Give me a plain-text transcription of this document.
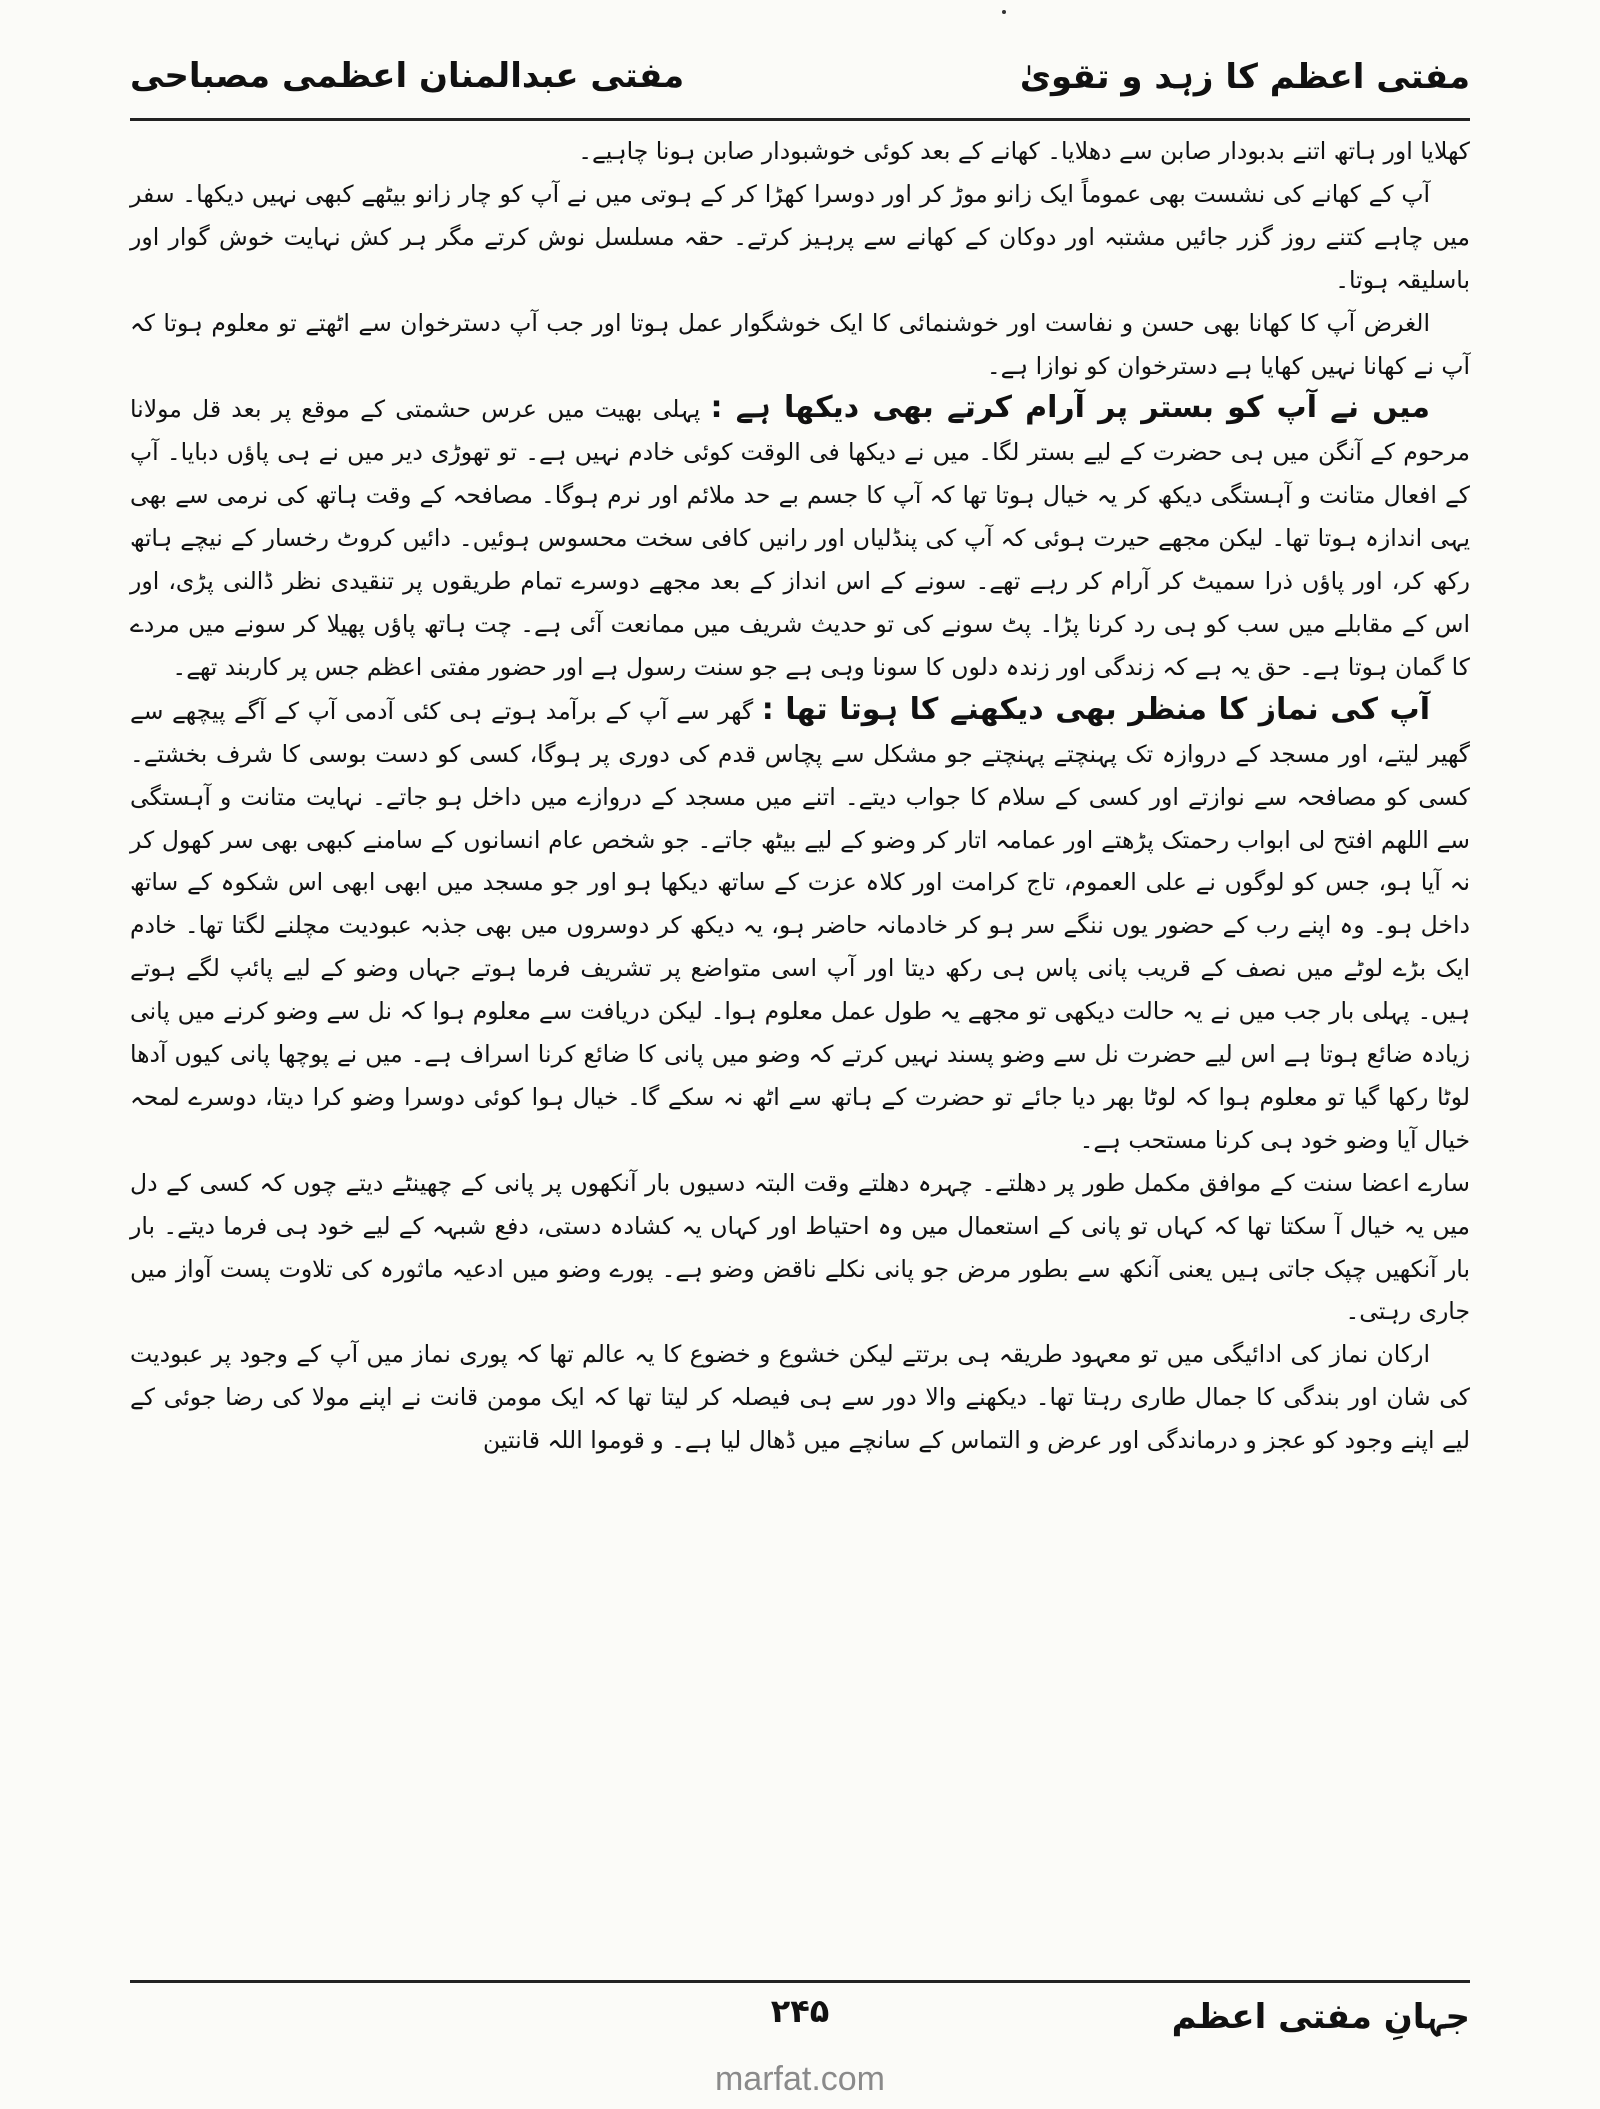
مفتی اعظم کا زہد و تقویٰ
مفتی عبدالمنان اعظمی مصباحی

کھلایا اور ہاتھ اتنے بدبودار صابن سے دھلایا۔ کھانے کے بعد کوئی خوشبودار صابن ہونا چاہیے۔

آپ کے کھانے کی نشست بھی عموماً ایک زانو موڑ کر اور دوسرا کھڑا کر کے ہوتی میں نے آپ کو چار زانو بیٹھے کبھی نہیں دیکھا۔ سفر میں چاہے کتنے روز گزر جائیں مشتبہ اور دوکان کے کھانے سے پرہیز کرتے۔ حقہ مسلسل نوش کرتے مگر ہر کش نہایت خوش گوار اور باسلیقہ ہوتا۔

الغرض آپ کا کھانا بھی حسن و نفاست اور خوشنمائی کا ایک خوشگوار عمل ہوتا اور جب آپ دسترخوان سے اٹھتے تو معلوم ہوتا کہ آپ نے کھانا نہیں کھایا ہے دسترخوان کو نوازا ہے۔

میں نے آپ کو بستر پر آرام کرتے بھی دیکھا ہے : پہلی بھیت میں عرس حشمتی کے موقع پر بعد قل مولانا مرحوم کے آنگن میں ہی حضرت کے لیے بستر لگا۔ میں نے دیکھا فی الوقت کوئی خادم نہیں ہے۔ تو تھوڑی دیر میں نے ہی پاؤں دبایا۔ آپ کے افعال متانت و آہستگی دیکھ کر یہ خیال ہوتا تھا کہ آپ کا جسم بے حد ملائم اور نرم ہوگا۔ مصافحہ کے وقت ہاتھ کی نرمی سے بھی یہی اندازہ ہوتا تھا۔ لیکن مجھے حیرت ہوئی کہ آپ کی پنڈلیاں اور رانیں کافی سخت محسوس ہوئیں۔ دائیں کروٹ رخسار کے نیچے ہاتھ رکھ کر، اور پاؤں ذرا سمیٹ کر آرام کر رہے تھے۔ سونے کے اس انداز کے بعد مجھے دوسرے تمام طریقوں پر تنقیدی نظر ڈالنی پڑی، اور اس کے مقابلے میں سب کو ہی رد کرنا پڑا۔ پٹ سونے کی تو حدیث شریف میں ممانعت آئی ہے۔ چت ہاتھ پاؤں پھیلا کر سونے میں مردے کا گمان ہوتا ہے۔ حق یہ ہے کہ زندگی اور زندہ دلوں کا سونا وہی ہے جو سنت رسول ہے اور حضور مفتی اعظم جس پر کاربند تھے۔

آپ کی نماز کا منظر بھی دیکھنے کا ہوتا تھا : گھر سے آپ کے برآمد ہوتے ہی کئی آدمی آپ کے آگے پیچھے سے گھیر لیتے، اور مسجد کے دروازہ تک پہنچتے پہنچتے جو مشکل سے پچاس قدم کی دوری پر ہوگا، کسی کو دست بوسی کا شرف بخشتے۔ کسی کو مصافحہ سے نوازتے اور کسی کے سلام کا جواب دیتے۔ اتنے میں مسجد کے دروازے میں داخل ہو جاتے۔ نہایت متانت و آہستگی سے اللھم افتح لی ابواب رحمتک پڑھتے اور عمامہ اتار کر وضو کے لیے بیٹھ جاتے۔ جو شخص عام انسانوں کے سامنے کبھی بھی سر کھول کر نہ آیا ہو، جس کو لوگوں نے علی العموم، تاج کرامت اور کلاہ عزت کے ساتھ دیکھا ہو اور جو مسجد میں ابھی ابھی اس شکوہ کے ساتھ داخل ہو۔ وہ اپنے رب کے حضور یوں ننگے سر ہو کر خادمانہ حاضر ہو، یہ دیکھ کر دوسروں میں بھی جذبہ عبودیت مچلنے لگتا تھا۔ خادم ایک بڑے لوٹے میں نصف کے قریب پانی پاس ہی رکھ دیتا اور آپ اسی متواضع پر تشریف فرما ہوتے جہاں وضو کے لیے پائپ لگے ہوتے ہیں۔ پہلی بار جب میں نے یہ حالت دیکھی تو مجھے یہ طول عمل معلوم ہوا۔ لیکن دریافت سے معلوم ہوا کہ نل سے وضو کرنے میں پانی زیادہ ضائع ہوتا ہے اس لیے حضرت نل سے وضو پسند نہیں کرتے کہ وضو میں پانی کا ضائع کرنا اسراف ہے۔ میں نے پوچھا پانی کیوں آدھا لوٹا رکھا گیا تو معلوم ہوا کہ لوٹا بھر دیا جائے تو حضرت کے ہاتھ سے اٹھ نہ سکے گا۔ خیال ہوا کوئی دوسرا وضو کرا دیتا، دوسرے لمحہ خیال آیا وضو خود ہی کرنا مستحب ہے۔

سارے اعضا سنت کے موافق مکمل طور پر دھلتے۔ چہرہ دھلتے وقت البتہ دسیوں بار آنکھوں پر پانی کے چھینٹے دیتے چوں کہ کسی کے دل میں یہ خیال آ سکتا تھا کہ کہاں تو پانی کے استعمال میں وہ احتیاط اور کہاں یہ کشادہ دستی، دفع شبہہ کے لیے خود ہی فرما دیتے۔ بار بار آنکھیں چپک جاتی ہیں یعنی آنکھ سے بطور مرض جو پانی نکلے ناقض وضو ہے۔ پورے وضو میں ادعیہ ماثورہ کی تلاوت پست آواز میں جاری رہتی۔

ارکان نماز کی ادائیگی میں تو معہود طریقہ ہی برتتے لیکن خشوع و خضوع کا یہ عالم تھا کہ پوری نماز میں آپ کے وجود پر عبودیت کی شان اور بندگی کا جمال طاری رہتا تھا۔ دیکھنے والا دور سے ہی فیصلہ کر لیتا تھا کہ ایک مومن قانت نے اپنے مولا کی رضا جوئی کے لیے اپنے وجود کو عجز و درماندگی اور عرض و التماس کے سانچے میں ڈھال لیا ہے۔ و قوموا اللہ قانتین

جہانِ مفتی اعظم
۲۴۵
marfat.com
